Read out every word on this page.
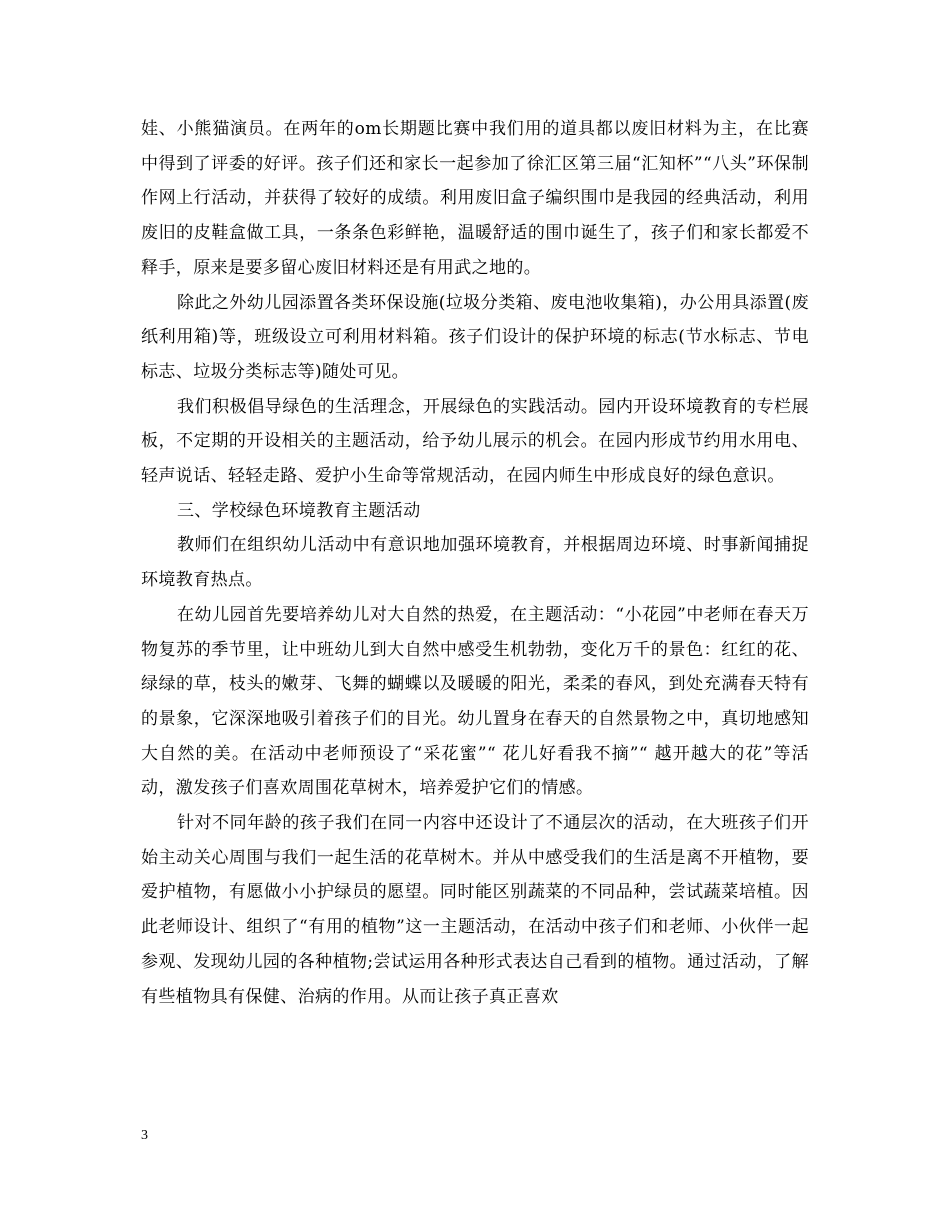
娃、小熊猫演员。在两年的om长期题比赛中我们用的道具都以废旧材料为主，在比赛中得到了评委的好评。孩子们还和家长一起参加了徐汇区第三届“汇知杯”“八头”环保制作网上行活动，并获得了较好的成绩。利用废旧盒子编织围巾是我园的经典活动，利用废旧的皮鞋盒做工具，一条条色彩鲜艳，温暖舒适的围巾诞生了，孩子们和家长都爱不释手，原来是要多留心废旧材料还是有用武之地的。

除此之外幼儿园添置各类环保设施(垃圾分类箱、废电池收集箱)，办公用具添置(废纸利用箱)等，班级设立可利用材料箱。孩子们设计的保护环境的标志(节水标志、节电标志、垃圾分类标志等)随处可见。

我们积极倡导绿色的生活理念，开展绿色的实践活动。园内开设环境教育的专栏展板，不定期的开设相关的主题活动，给予幼儿展示的机会。在园内形成节约用水用电、轻声说话、轻轻走路、爱护小生命等常规活动，在园内师生中形成良好的绿色意识。

三、学校绿色环境教育主题活动

教师们在组织幼儿活动中有意识地加强环境教育，并根据周边环境、时事新闻捕捉环境教育热点。

在幼儿园首先要培养幼儿对大自然的热爱，在主题活动：“小花园”中老师在春天万物复苏的季节里，让中班幼儿到大自然中感受生机勃勃，变化万千的景色：红红的花、绿绿的草，枝头的嫩芽、飞舞的蝴蝶以及暖暖的阳光，柔柔的春风，到处充满春天特有的景象，它深深地吸引着孩子们的目光。幼儿置身在春天的自然景物之中，真切地感知大自然的美。在活动中老师预设了“采花蜜”“ 花儿好看我不摘”“ 越开越大的花”等活动，激发孩子们喜欢周围花草树木，培养爱护它们的情感。

针对不同年龄的孩子我们在同一内容中还设计了不通层次的活动，在大班孩子们开始主动关心周围与我们一起生活的花草树木。并从中感受我们的生活是离不开植物，要爱护植物，有愿做小小护绿员的愿望。同时能区别蔬菜的不同品种，尝试蔬菜培植。因此老师设计、组织了“有用的植物”这一主题活动，在活动中孩子们和老师、小伙伴一起参观、发现幼儿园的各种植物;尝试运用各种形式表达自己看到的植物。通过活动，了解有些植物具有保健、治病的作用。从而让孩子真正喜欢

3
